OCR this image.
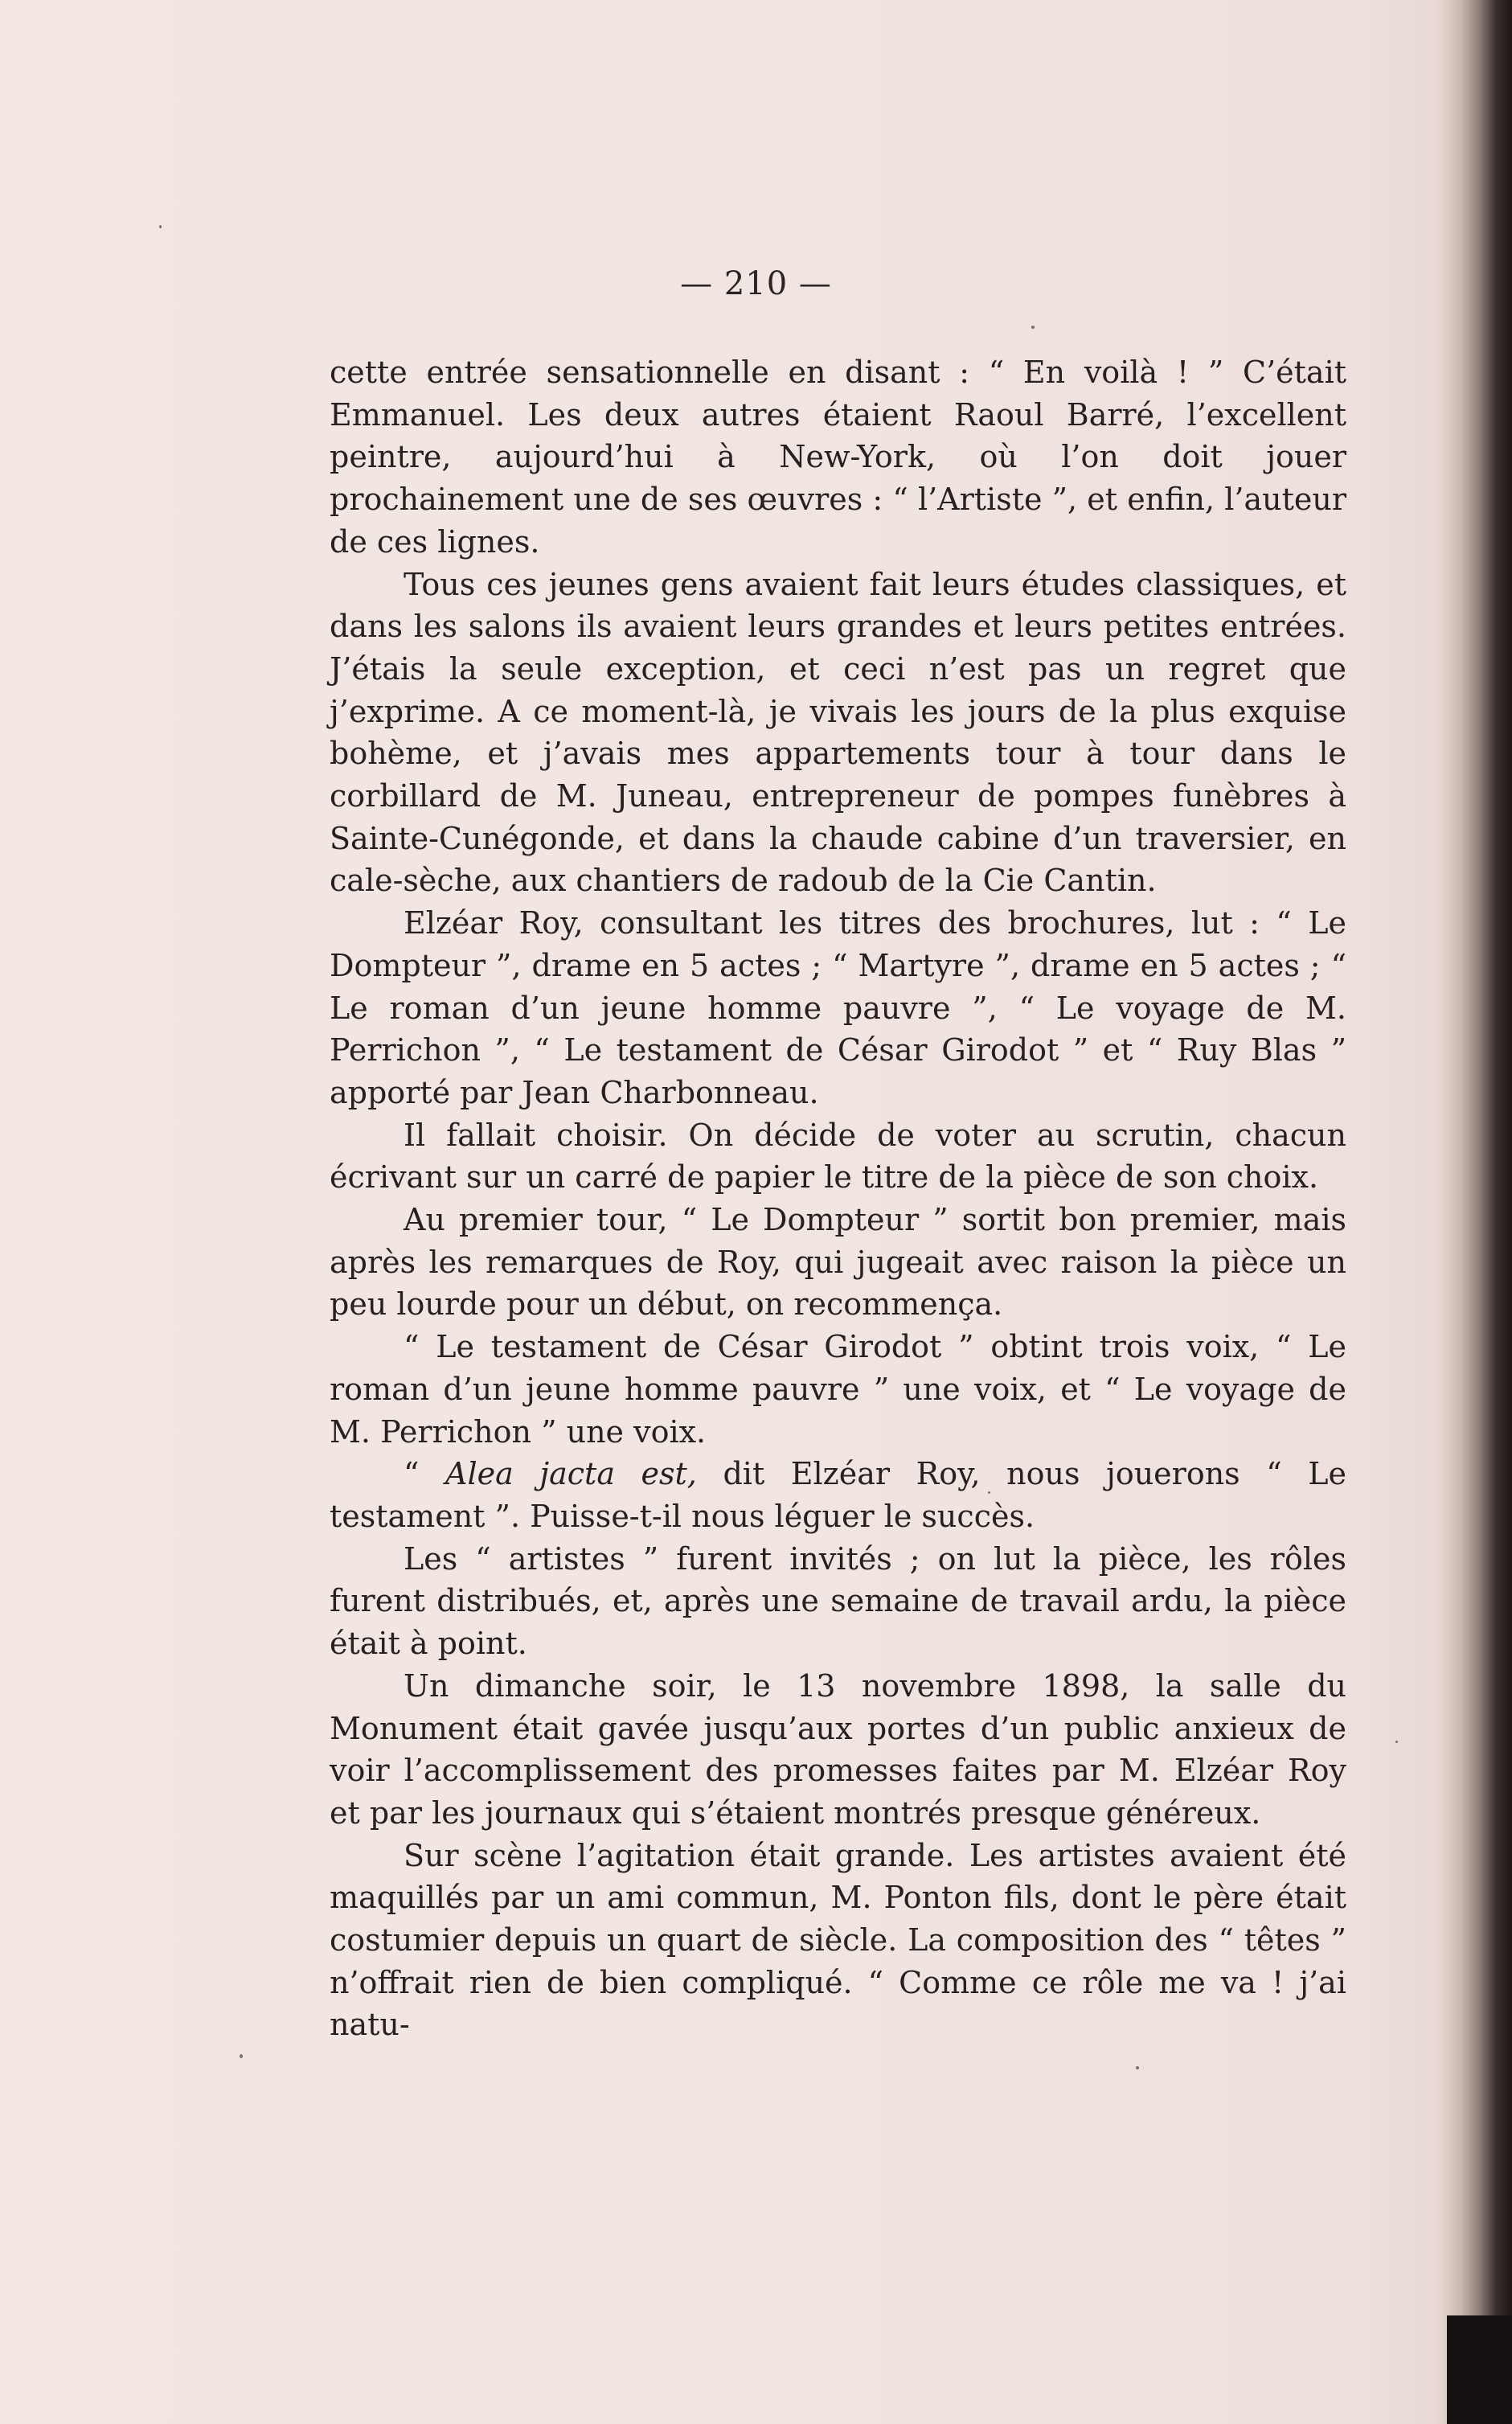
— 210 —

cette entrée sensationnelle en disant : “ En voilà ! ” C’était Emmanuel. Les deux autres étaient Raoul Barré, l’excellent peintre, aujourd’hui à New-York, où l’on doit jouer prochainement une de ses œuvres : “ l’Artiste ”, et enfin, l’auteur de ces lignes.

Tous ces jeunes gens avaient fait leurs études classiques, et dans les salons ils avaient leurs grandes et leurs petites entrées. J’étais la seule exception, et ceci n’est pas un regret que j’exprime. A ce moment-là, je vivais les jours de la plus exquise bohème, et j’avais mes appartements tour à tour dans le corbillard de M. Juneau, entrepreneur de pompes funèbres à Sainte-Cunégonde, et dans la chaude cabine d’un traversier, en cale-sèche, aux chantiers de radoub de la Cie Cantin.

Elzéar Roy, consultant les titres des brochures, lut : “ Le Dompteur ”, drame en 5 actes ; “ Martyre ”, drame en 5 actes ; “ Le roman d’un jeune homme pauvre ”, “ Le voyage de M. Perrichon ”, “ Le testament de César Girodot ” et “ Ruy Blas ” apporté par Jean Charbonneau.

Il fallait choisir. On décide de voter au scrutin, chacun écrivant sur un carré de papier le titre de la pièce de son choix.

Au premier tour, “ Le Dompteur ” sortit bon premier, mais après les remarques de Roy, qui jugeait avec raison la pièce un peu lourde pour un début, on recommença.

“ Le testament de César Girodot ” obtint trois voix, “ Le roman d’un jeune homme pauvre ” une voix, et “ Le voyage de M. Perrichon ” une voix.

“ Alea jacta est, dit Elzéar Roy, nous jouerons “ Le testament ”. Puisse-t-il nous léguer le succès.

Les “ artistes ” furent invités ; on lut la pièce, les rôles furent distribués, et, après une semaine de travail ardu, la pièce était à point.

Un dimanche soir, le 13 novembre 1898, la salle du Monument était gavée jusqu’aux portes d’un public anxieux de voir l’accomplissement des promesses faites par M. Elzéar Roy et par les journaux qui s’étaient montrés presque généreux.

Sur scène l’agitation était grande. Les artistes avaient été maquillés par un ami commun, M. Ponton fils, dont le père était costumier depuis un quart de siècle. La composition des “ têtes ” n’offrait rien de bien compliqué. “ Comme ce rôle me va ! j’ai natu-
